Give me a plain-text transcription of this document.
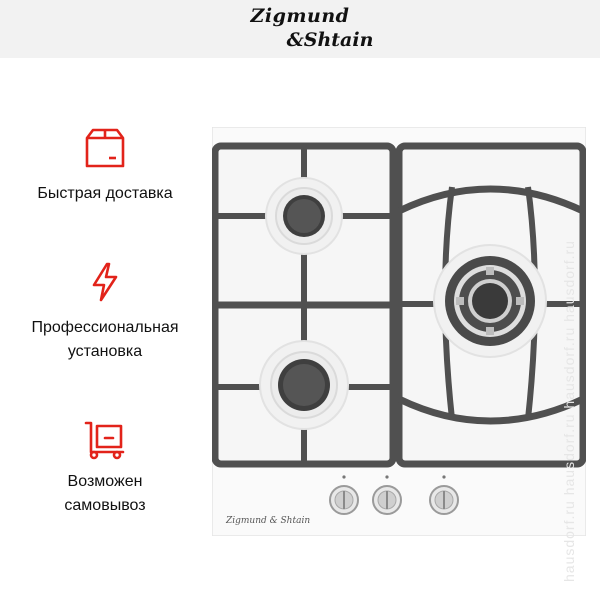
Zigmund
&Shtain
Быстрая доставка
Профессиональная
установка
Возможен
самовывоз
Zigmund & Shtain	hausdorf.ru hausdorf.ru hausdorf.ru hausdorf.ru
